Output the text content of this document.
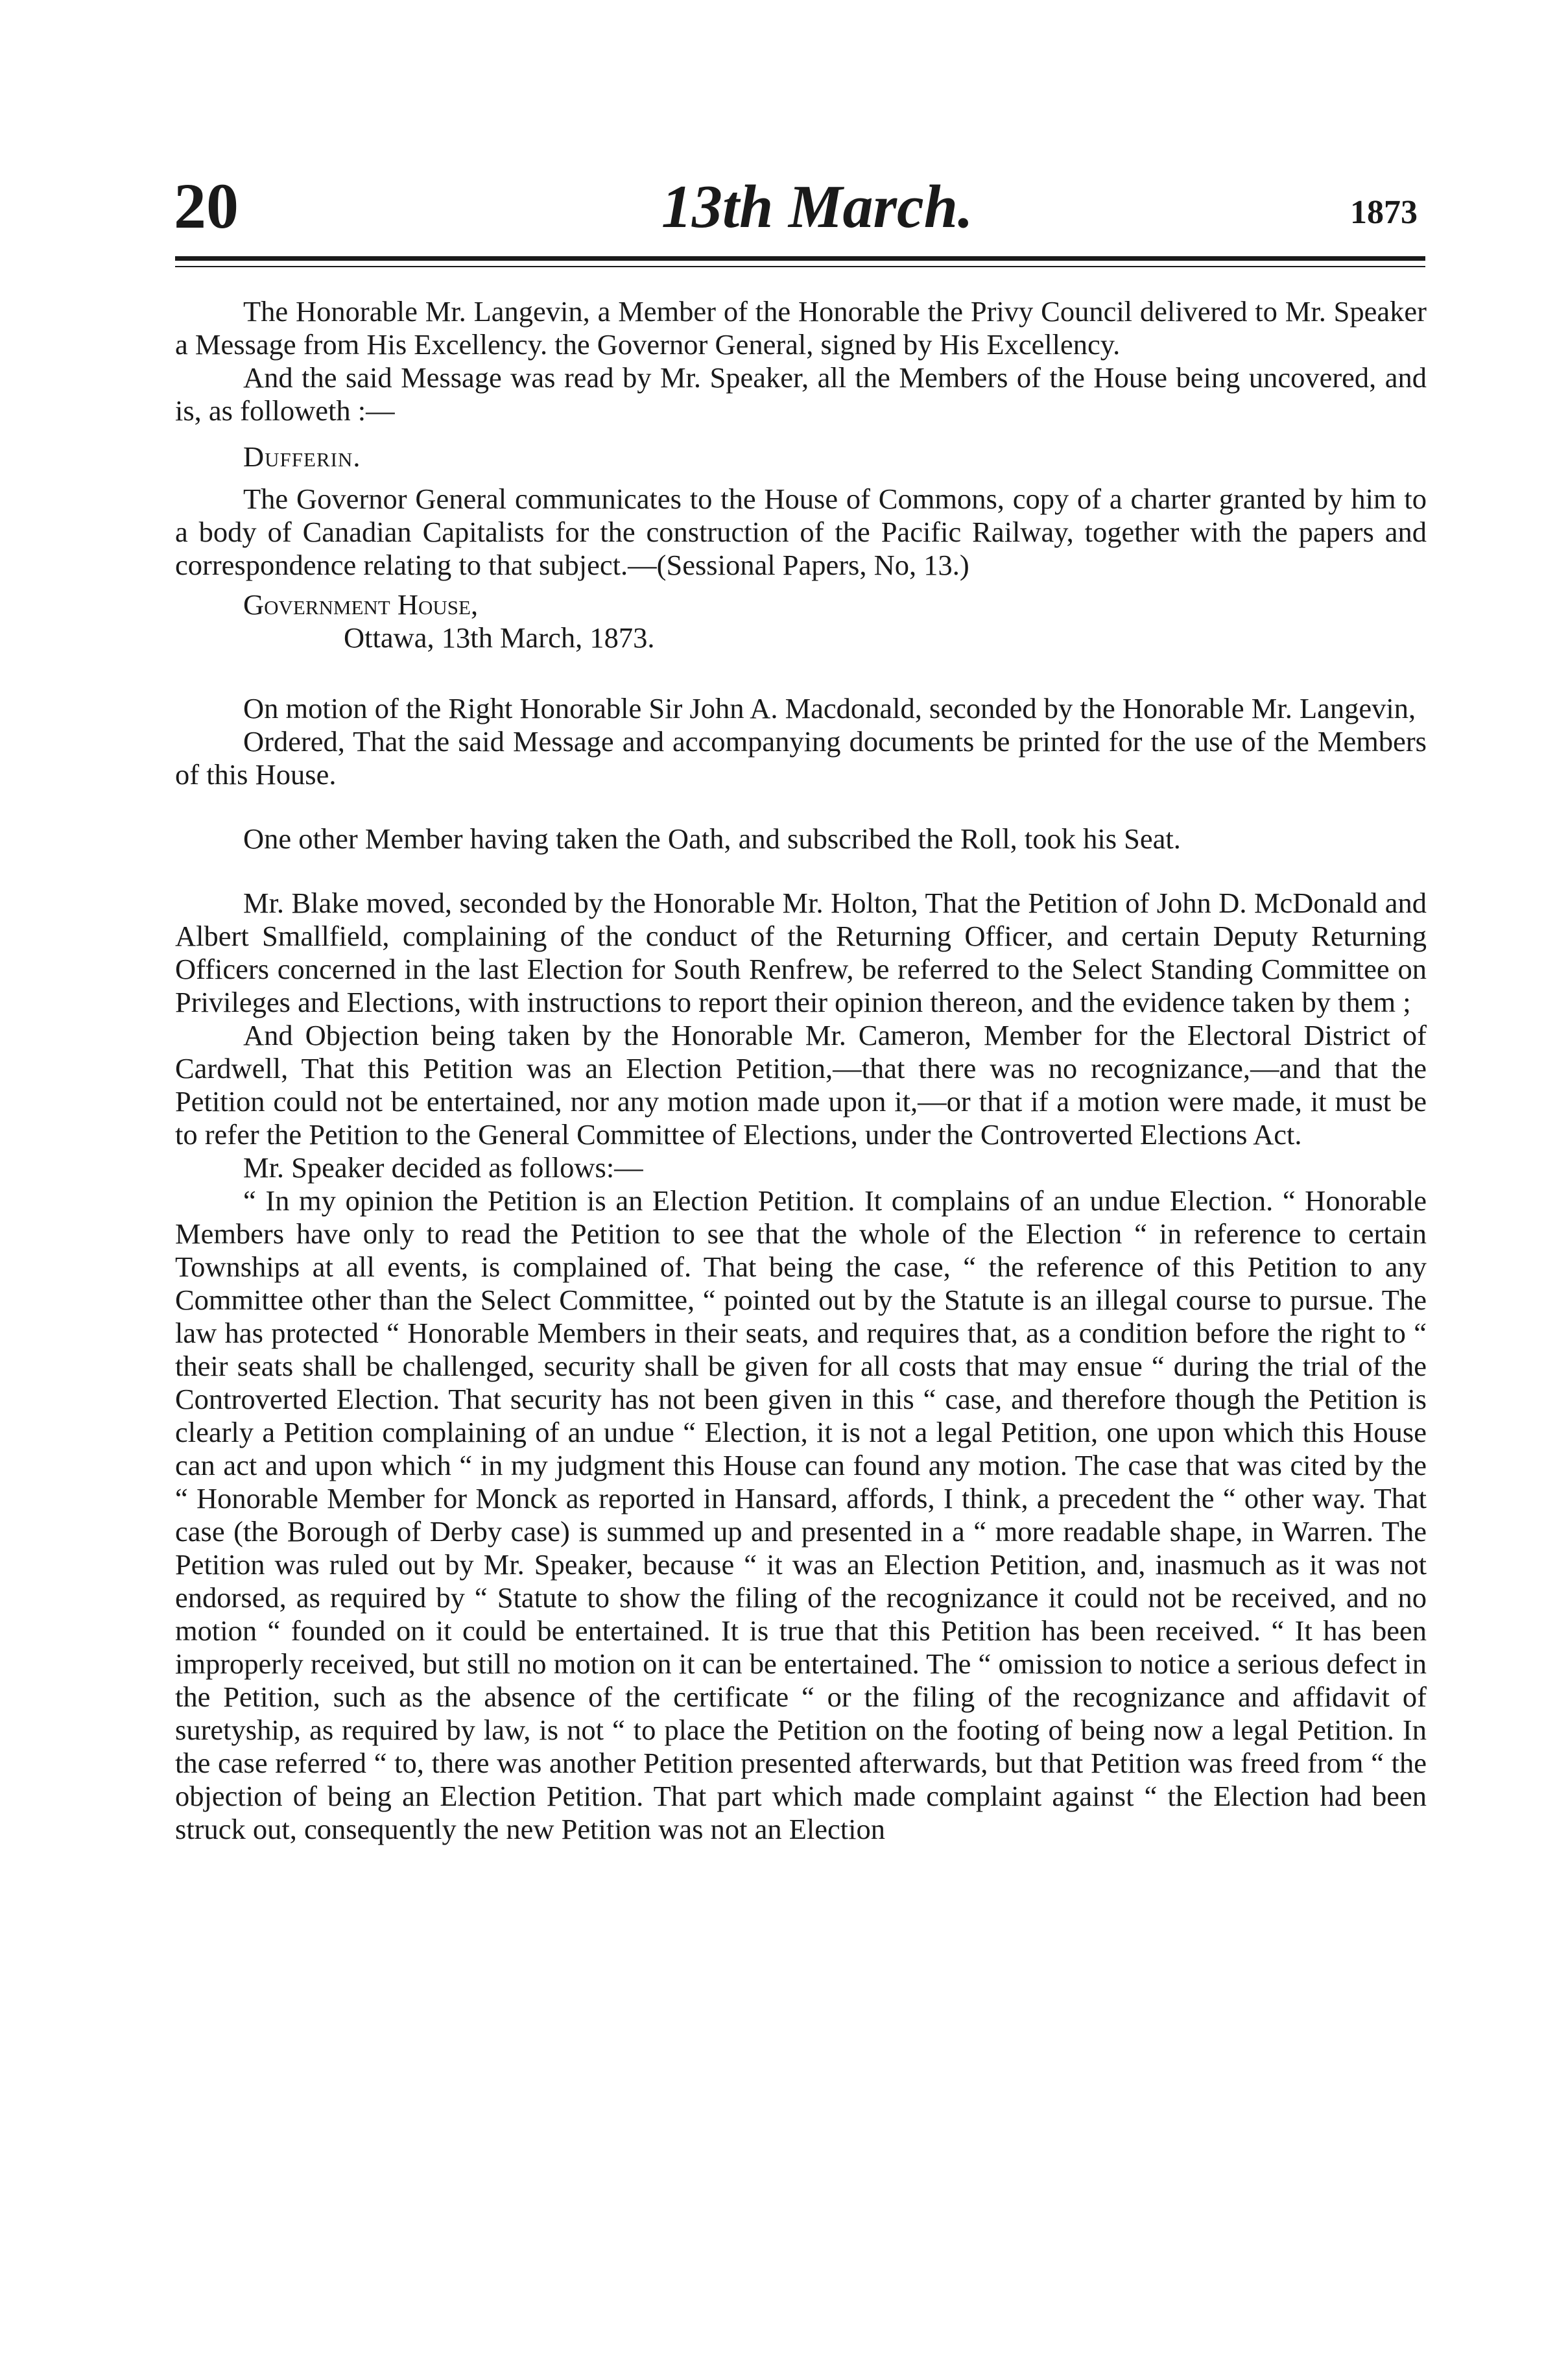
20	13th March.	1873

The Honorable Mr. Langevin, a Member of the Honorable the Privy Council delivered to Mr. Speaker a Message from His Excellency. the Governor General, signed by His Excellency.

And the said Message was read by Mr. Speaker, all the Members of the House being uncovered, and is, as followeth :—

Dufferin.

The Governor General communicates to the House of Commons, copy of a charter granted by him to a body of Canadian Capitalists for the construction of the Pacific Railway, together with the papers and correspondence relating to that subject.—(Sessional Papers, No, 13.)

Government House,

Ottawa, 13th March, 1873.

On motion of the Right Honorable Sir John A. Macdonald, seconded by the Honorable Mr. Langevin,

Ordered, That the said Message and accompanying documents be printed for the use of the Members of this House.

One other Member having taken the Oath, and subscribed the Roll, took his Seat.

Mr. Blake moved, seconded by the Honorable Mr. Holton, That the Petition of John D. McDonald and Albert Smallfield, complaining of the conduct of the Returning Officer, and certain Deputy Returning Officers concerned in the last Election for South Renfrew, be referred to the Select Standing Committee on Privileges and Elections, with instructions to report their opinion thereon, and the evidence taken by them ;

And Objection being taken by the Honorable Mr. Cameron, Member for the Electoral District of Cardwell, That this Petition was an Election Petition,—that there was no recognizance,—and that the Petition could not be entertained, nor any motion made upon it,—or that if a motion were made, it must be to refer the Petition to the General Committee of Elections, under the Controverted Elections Act.

Mr. Speaker decided as follows:—

“ In my opinion the Petition is an Election Petition. It complains of an undue Election. “ Honorable Members have only to read the Petition to see that the whole of the Election “ in reference to certain Townships at all events, is complained of. That being the case, “ the reference of this Petition to any Committee other than the Select Committee, “ pointed out by the Statute is an illegal course to pursue. The law has protected “ Honorable Members in their seats, and requires that, as a condition before the right to “ their seats shall be challenged, security shall be given for all costs that may ensue “ during the trial of the Controverted Election. That security has not been given in this “ case, and therefore though the Petition is clearly a Petition complaining of an undue “ Election, it is not a legal Petition, one upon which this House can act and upon which “ in my judgment this House can found any motion. The case that was cited by the “ Honorable Member for Monck as reported in Hansard, affords, I think, a precedent the “ other way. That case (the Borough of Derby case) is summed up and presented in a “ more readable shape, in Warren. The Petition was ruled out by Mr. Speaker, because “ it was an Election Petition, and, inasmuch as it was not endorsed, as required by “ Statute to show the filing of the recognizance it could not be received, and no motion “ founded on it could be entertained. It is true that this Petition has been received. “ It has been improperly received, but still no motion on it can be entertained. The “ omission to notice a serious defect in the Petition, such as the absence of the certificate “ or the filing of the recognizance and affidavit of suretyship, as required by law, is not “ to place the Petition on the footing of being now a legal Petition. In the case referred “ to, there was another Petition presented afterwards, but that Petition was freed from “ the objection of being an Election Petition. That part which made complaint against “ the Election had been struck out, consequently the new Petition was not an Election
